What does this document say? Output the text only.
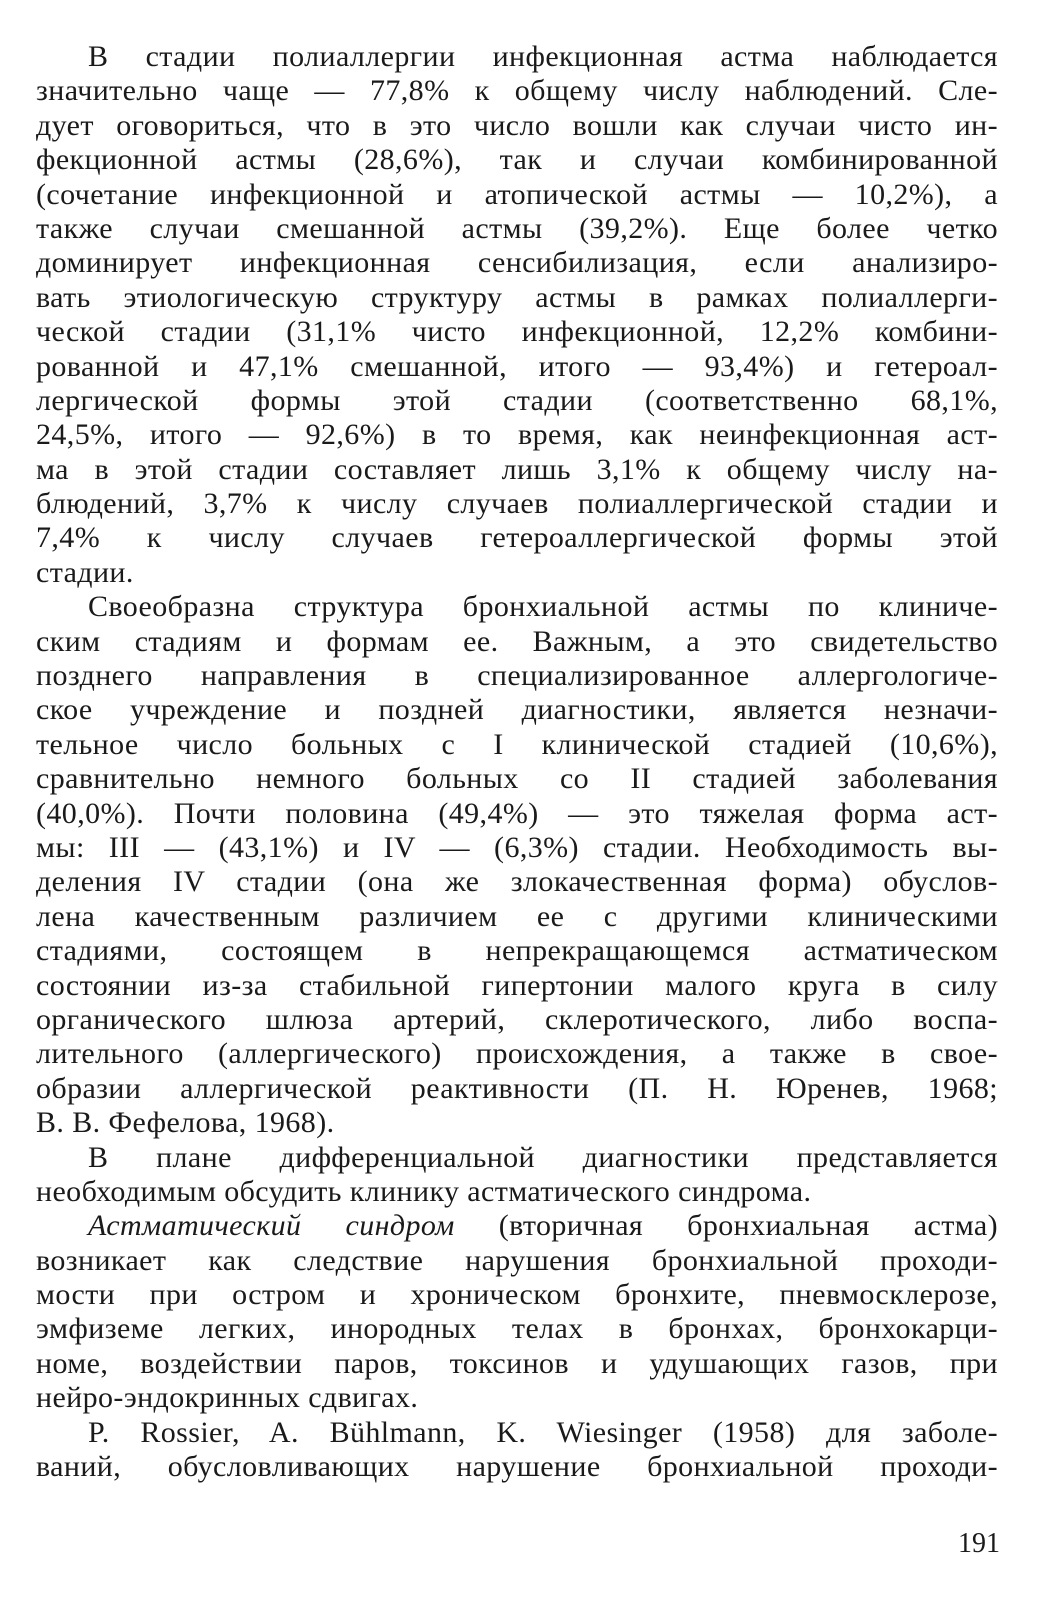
В стадии полиаллергии инфекционная астма наблюдается
значительно чаще — 77,8% к общему числу наблюдений. Сле-
дует оговориться, что в это число вошли как случаи чисто ин-
фекционной астмы (28,6%), так и случаи комбинированной
(сочетание инфекционной и атопической астмы — 10,2%), а
также случаи смешанной астмы (39,2%). Еще более четко
доминирует инфекционная сенсибилизация, если анализиро-
вать этиологическую структуру астмы в рамках полиаллерги-
ческой стадии (31,1% чисто инфекционной, 12,2% комбини-
рованной и 47,1% смешанной, итого — 93,4%) и гетероал-
лергической формы этой стадии (соответственно 68,1%,
24,5%, итого — 92,6%) в то время, как неинфекционная аст-
ма в этой стадии составляет лишь 3,1% к общему числу на-
блюдений, 3,7% к числу случаев полиаллергической стадии и
7,4% к числу случаев гетероаллергической формы этой
стадии.
Своеобразна структура бронхиальной астмы по клиниче-
ским стадиям и формам ее. Важным, а это свидетельство
позднего направления в специализированное аллергологиче-
ское учреждение и поздней диагностики, является незначи-
тельное число больных с I клинической стадией (10,6%),
сравнительно немного больных со II стадией заболевания
(40,0%). Почти половина (49,4%) — это тяжелая форма аст-
мы: III — (43,1%) и IV — (6,3%) стадии. Необходимость вы-
деления IV стадии (она же злокачественная форма) обуслов-
лена качественным различием ее с другими клиническими
стадиями, состоящем в непрекращающемся астматическом
состоянии из-за стабильной гипертонии малого круга в силу
органического шлюза артерий, склеротического, либо воспа-
лительного (аллергического) происхождения, а также в свое-
образии аллергической реактивности (П. Н. Юренев, 1968;
В. В. Фефелова, 1968).
В плане дифференциальной диагностики представляется
необходимым обсудить клинику астматического синдрома.
Астматический синдром (вторичная бронхиальная астма)
возникает как следствие нарушения бронхиальной проходи-
мости при остром и хроническом бронхите, пневмосклерозе,
эмфиземе легких, инородных телах в бронхах, бронхокарци-
номе, воздействии паров, токсинов и удушающих газов, при
нейро-эндокринных сдвигах.
P. Rossier, A. Bühlmann, K. Wiesinger (1958) для заболе-
ваний, обусловливающих нарушение бронхиальной проходи-
191
